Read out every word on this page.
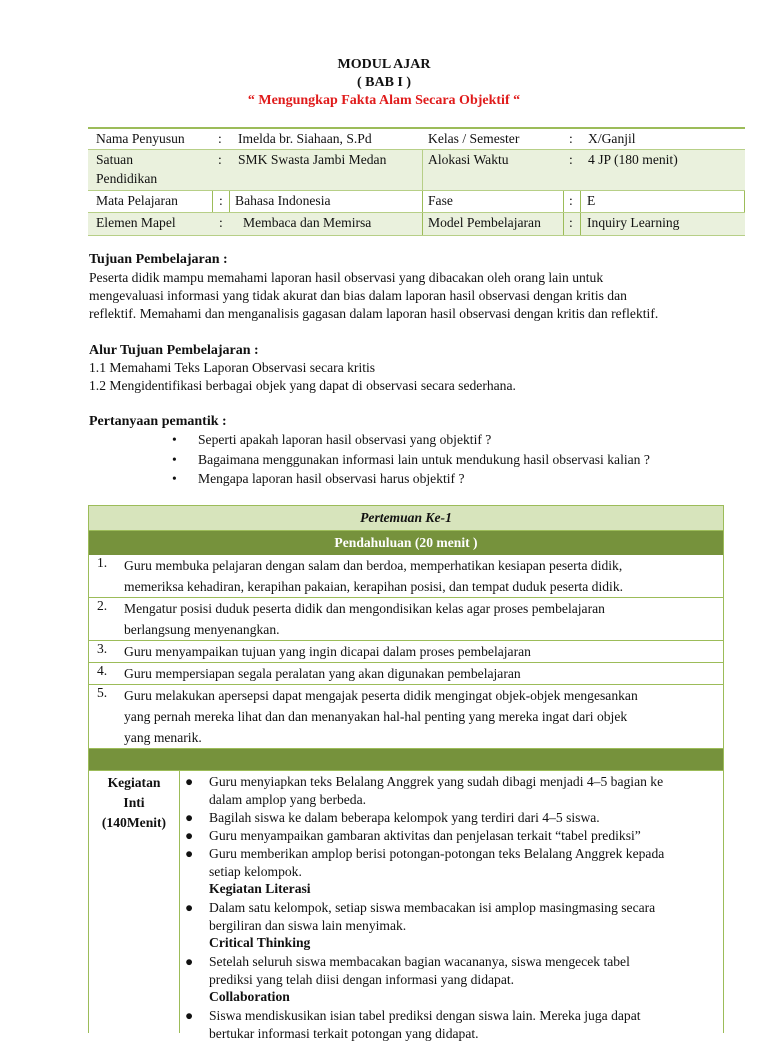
MODUL AJAR
( BAB I )
“ Mengungkap Fakta Alam Secara Objektif “
Nama Penyusun : Imelda br. Siahaan, S.Pd	Kelas / Semester	: X/Ganjil
Satuan
Pendidikan
: SMK Swasta Jambi Medan	Alokasi Waktu	: 4 JP (180 menit)
Mata Pelajaran	: Bahasa Indonesia	Fase	: E
Elemen Mapel	: Membaca dan Memirsa	Model Pembelajaran : Inquiry Learning
Tujuan Pembelajaran :
Peserta didik mampu memahami laporan hasil observasi yang dibacakan oleh orang lain untuk
mengevaluasi informasi yang tidak akurat dan bias dalam laporan hasil observasi dengan kritis dan
reflektif. Memahami dan menganalisis gagasan dalam laporan hasil observasi dengan kritis dan reflektif.
Alur Tujuan Pembelajaran :
1.1 Memahami Teks Laporan Observasi secara kritis
1.2 Mengidentifikasi berbagai objek yang dapat di observasi secara sederhana.
Pertanyaan pemantik :
• Seperti apakah laporan hasil observasi yang objektif ?
• Bagaimana menggunakan informasi lain untuk mendukung hasil observasi kalian ?
• Mengapa laporan hasil observasi harus objektif ?
Pertemuan Ke-1
Pendahuluan (20 menit )
1. Guru membuka pelajaran dengan salam dan berdoa, memperhatikan kesiapan peserta didik,
memeriksa kehadiran, kerapihan pakaian, kerapihan posisi, dan tempat duduk peserta didik.
2. Mengatur posisi duduk peserta didik dan mengondisikan kelas agar proses pembelajaran
berlangsung menyenangkan.
3. Guru menyampaikan tujuan yang ingin dicapai dalam proses pembelajaran
4. Guru mempersiapan segala peralatan yang akan digunakan pembelajaran
5. Guru melakukan apersepsi dapat mengajak peserta didik mengingat objek-objek mengesankan
yang pernah mereka lihat dan dan menanyakan hal-hal penting yang mereka ingat dari objek
yang menarik.
Kegiatan
Inti
(140Menit)
● Guru menyiapkan teks Belalang Anggrek yang sudah dibagi menjadi 4–5 bagian ke
dalam amplop yang berbeda.
● Bagilah siswa ke dalam beberapa kelompok yang terdiri dari 4–5 siswa.
● Guru menyampaikan gambaran aktivitas dan penjelasan terkait “tabel prediksi”
● Guru memberikan amplop berisi potongan-potongan teks Belalang Anggrek kepada
setiap kelompok.
Kegiatan Literasi
● Dalam satu kelompok, setiap siswa membacakan isi amplop masingmasing secara
bergiliran dan siswa lain menyimak.
Critical Thinking
● Setelah seluruh siswa membacakan bagian wacananya, siswa mengecek tabel
prediksi yang telah diisi dengan informasi yang didapat.
Collaboration
● Siswa mendiskusikan isian tabel prediksi dengan siswa lain. Mereka juga dapat
bertukar informasi terkait potongan yang didapat.
